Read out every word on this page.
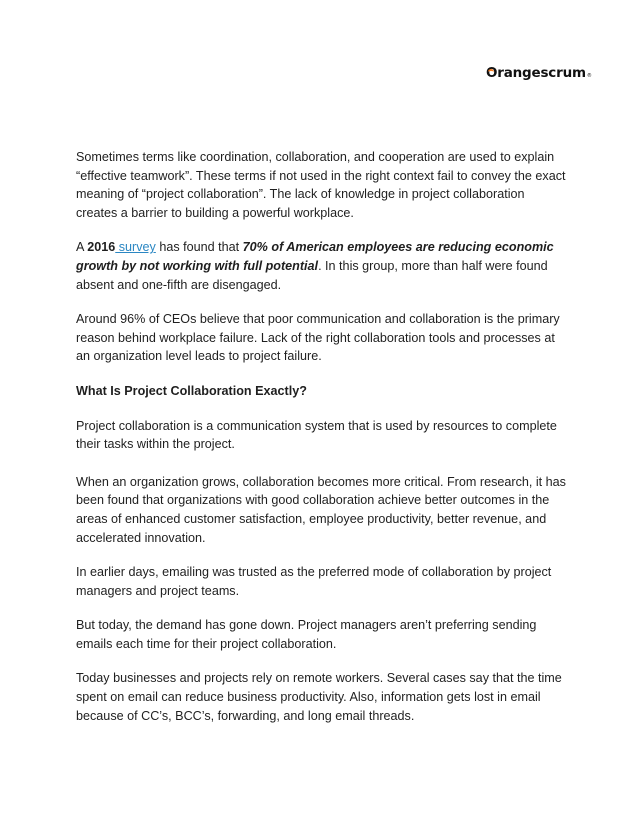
Orangescrum ®

Sometimes terms like coordination, collaboration, and cooperation are used to explain “effective teamwork”. These terms if not used in the right context fail to convey the exact meaning of “project collaboration”. The lack of knowledge in project collaboration creates a barrier to building a powerful workplace.

A 2016 survey has found that 70% of American employees are reducing economic growth by not working with full potential. In this group, more than half were found absent and one-fifth are disengaged.

Around 96% of CEOs believe that poor communication and collaboration is the primary reason behind workplace failure. Lack of the right collaboration tools and processes at an organization level leads to project failure.

What Is Project Collaboration Exactly?

Project collaboration is a communication system that is used by resources to complete their tasks within the project.

When an organization grows, collaboration becomes more critical. From research, it has been found that organizations with good collaboration achieve better outcomes in the areas of enhanced customer satisfaction, employee productivity, better revenue, and accelerated innovation.

In earlier days, emailing was trusted as the preferred mode of collaboration by project managers and project teams.

But today, the demand has gone down. Project managers aren’t preferring sending emails each time for their project collaboration.

Today businesses and projects rely on remote workers. Several cases say that the time spent on email can reduce business productivity. Also, information gets lost in email because of CC’s, BCC’s, forwarding, and long email threads.
